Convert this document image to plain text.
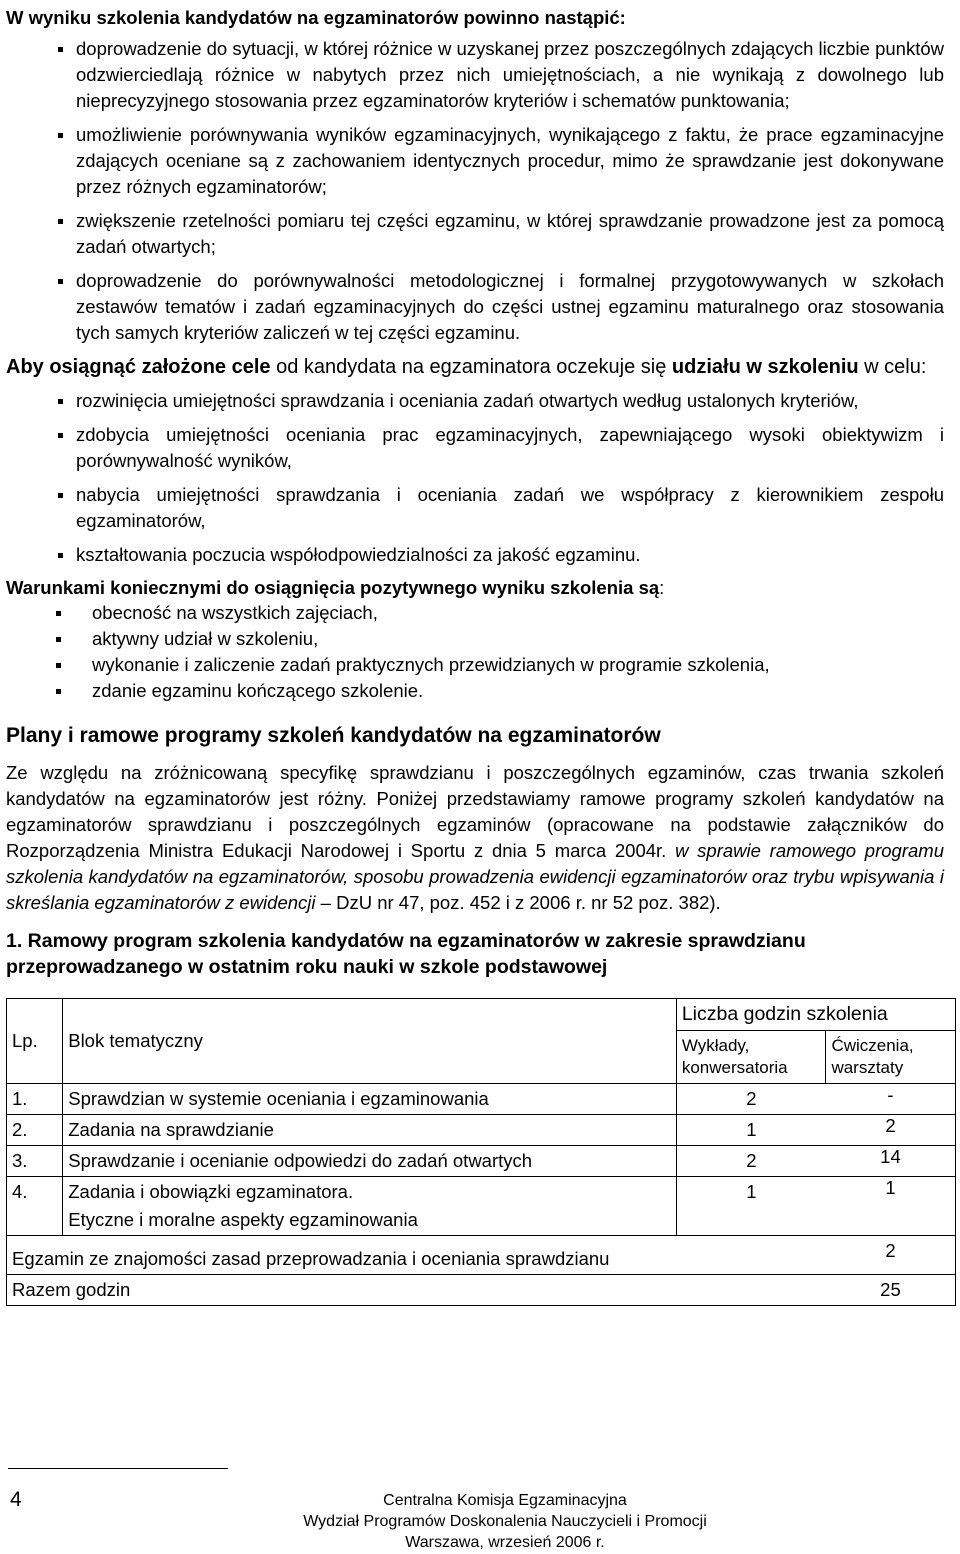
W wyniku szkolenia kandydatów na egzaminatorów powinno nastąpić:
doprowadzenie do sytuacji, w której różnice w uzyskanej przez poszczególnych zdających liczbie punktów odzwierciedlają różnice w nabytych przez nich umiejętnościach, a nie wynikają z dowolnego lub nieprecyzyjnego stosowania przez egzaminatorów kryteriów i schematów punktowania;
umożliwienie porównywania wyników egzaminacyjnych, wynikającego z faktu, że prace egzaminacyjne zdających oceniane są z zachowaniem identycznych procedur, mimo że sprawdzanie jest dokonywane przez różnych egzaminatorów;
zwiększenie rzetelności pomiaru tej części egzaminu, w której sprawdzanie prowadzone jest za pomocą zadań otwartych;
doprowadzenie do porównywalności metodologicznej i formalnej przygotowywanych w szkołach zestawów tematów i zadań egzaminacyjnych do części ustnej egzaminu maturalnego oraz stosowania tych samych kryteriów zaliczeń w tej części egzaminu.
Aby osiągnąć założone cele od kandydata na egzaminatora oczekuje się udziału w szkoleniu w celu:
rozwinięcia umiejętności sprawdzania i oceniania zadań otwartych według ustalonych kryteriów,
zdobycia umiejętności oceniania prac egzaminacyjnych, zapewniającego wysoki obiektywizm i porównywalność wyników,
nabycia umiejętności sprawdzania i oceniania zadań we współpracy z kierownikiem zespołu egzaminatorów,
kształtowania poczucia współodpowiedzialności za jakość egzaminu.
Warunkami koniecznymi do osiągnięcia pozytywnego wyniku szkolenia są:
obecność na wszystkich zajęciach,
aktywny udział w szkoleniu,
wykonanie i zaliczenie zadań praktycznych przewidzianych w programie szkolenia,
zdanie egzaminu kończącego szkolenie.
Plany i ramowe programy szkoleń kandydatów na egzaminatorów
Ze względu na zróżnicowaną specyfikę sprawdzianu i poszczególnych egzaminów, czas trwania szkoleń kandydatów na egzaminatorów jest różny. Poniżej przedstawiamy ramowe programy szkoleń kandydatów na egzaminatorów sprawdzianu i poszczególnych egzaminów (opracowane na podstawie załączników do Rozporządzenia Ministra Edukacji Narodowej i Sportu z dnia 5 marca 2004r. w sprawie ramowego programu szkolenia kandydatów na egzaminatorów, sposobu prowadzenia ewidencji egzaminatorów oraz trybu wpisywania i skreślania egzaminatorów z ewidencji – DzU nr 47, poz. 452 i z 2006 r. nr 52 poz. 382).
1. Ramowy program szkolenia kandydatów na egzaminatorów w zakresie sprawdzianu przeprowadzanego w ostatnim roku nauki w szkole podstawowej
Lp.	Blok tematyczny	Liczba godzin szkolenia	
		Wykłady, konwersatoria	Ćwiczenia, warsztaty
1.	Sprawdzian w systemie oceniania i egzaminowania	2	-
2.	Zadania na sprawdzianie	1	2
3.	Sprawdzanie i ocenianie odpowiedzi do zadań otwartych	2	14
4.	Zadania i obowiązki egzaminatora.
Etyczne i moralne aspekty egzaminowania	1	1
Egzamin ze znajomości zasad przeprowadzania i oceniania sprawdzianu			2
Razem godzin			25
4	Centralna Komisja Egzaminacyjna
Wydział Programów Doskonalenia Nauczycieli i Promocji
Warszawa, wrzesień 2006 r.
